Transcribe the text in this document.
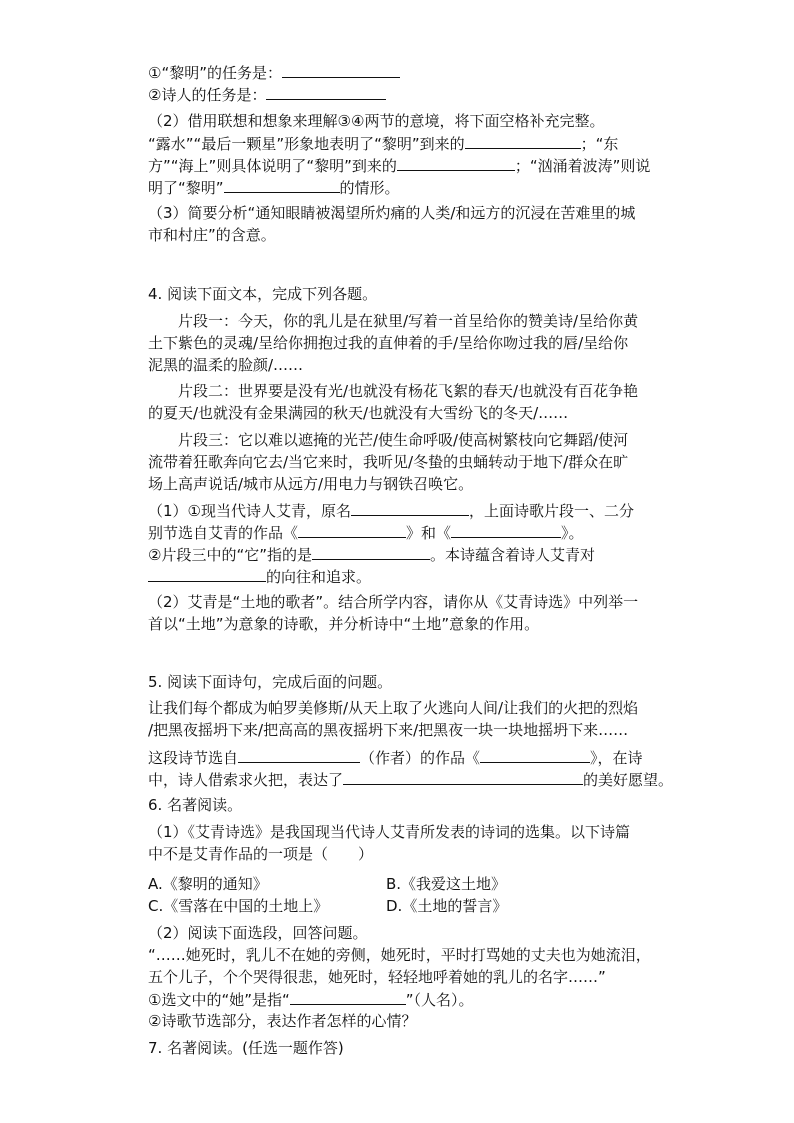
①“黎明”的任务是：
②诗人的任务是：
（2）借用联想和想象来理解③④两节的意境，将下面空格补充完整。
“露水”“最后一颗星”形象地表明了“黎明”到来的	；“东
方”“海上”则具体说明了“黎明”到来的	；“汹涌着波涛”则说
明了“黎明”	的情形。
（3）简要分析“通知眼睛被渴望所灼痛的人类/和远方的沉浸在苦难里的城
市和村庄”的含意。
4. 阅读下面文本，完成下列各题。
片段一：今天，你的乳儿是在狱里/写着一首呈给你的赞美诗/呈给你黄
土下紫色的灵魂/呈给你拥抱过我的直伸着的手/呈给你吻过我的唇/呈给你
泥黑的温柔的脸颜/……
片段二：世界要是没有光/也就没有杨花飞絮的春天/也就没有百花争艳
的夏天/也就没有金果满园的秋天/也就没有大雪纷飞的冬天/……
片段三：它以难以遮掩的光芒/使生命呼吸/使高树繁枝向它舞蹈/使河
流带着狂歌奔向它去/当它来时，我听见/冬蛰的虫蛹转动于地下/群众在旷
场上高声说话/城市从远方/用电力与钢铁召唤它。
（1）①现当代诗人艾青，原名	，上面诗歌片段一、二分
别节选自艾青的作品《	》和《	》。
②片段三中的“它”指的是	。本诗蕴含着诗人艾青对
的向往和追求。
（2）艾青是“土地的歌者”。结合所学内容，请你从《艾青诗选》中列举一
首以“土地”为意象的诗歌，并分析诗中“土地”意象的作用。
5. 阅读下面诗句，完成后面的问题。
让我们每个都成为帕罗美修斯/从天上取了火逃向人间/让我们的火把的烈焰
/把黑夜摇坍下来/把高高的黑夜摇坍下来/把黑夜一块一块地摇坍下来……
这段诗节选自	（作者）的作品《	》，在诗
中，诗人借索求火把，表达了	的美好愿望。
6. 名著阅读。
（1）《艾青诗选》是我国现当代诗人艾青所发表的诗词的选集。以下诗篇
中不是艾青作品的一项是（　　）
A.《黎明的通知》	B.《我爱这土地》
C.《雪落在中国的土地上》	D.《土地的誓言》
（2）阅读下面选段，回答问题。
“……她死时，乳儿不在她的旁侧，她死时，平时打骂她的丈夫也为她流泪，
五个儿子，个个哭得很悲，她死时，轻轻地呼着她的乳儿的名字……”
①选文中的“她”是指“	”（人名）。
②诗歌节选部分，表达作者怎样的心情？
7. 名著阅读。(任选一题作答)
